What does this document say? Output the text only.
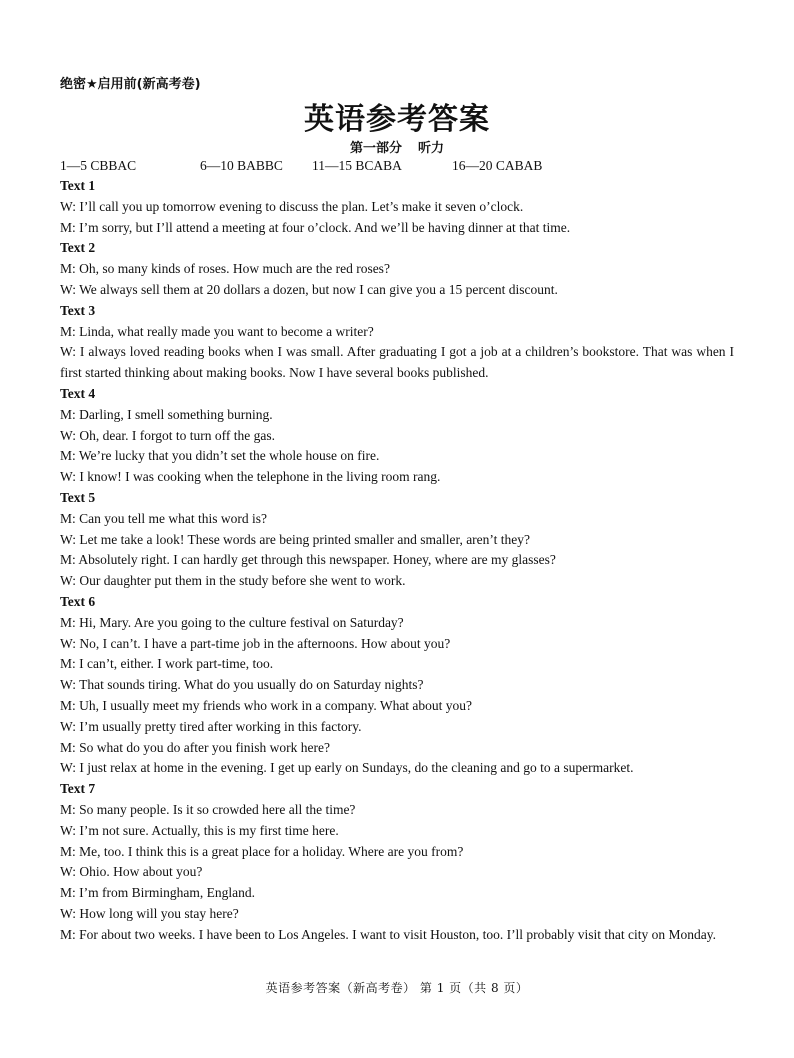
绝密★启用前(新高考卷)
英语参考答案
第一部分 听力
1—5 CBBAC	6—10 BABBC 11—15 BCABA	16—20 CABAB

Text 1

W: I’ll call you up tomorrow evening to discuss the plan. Let’s make it seven o’clock.

M: I’m sorry, but I’ll attend a meeting at four o’clock. And we’ll be having dinner at that time.

Text 2

M: Oh, so many kinds of roses. How much are the red roses?

W: We always sell them at 20 dollars a dozen, but now I can give you a 15 percent discount.

Text 3

M: Linda, what really made you want to become a writer?

W: I always loved reading books when I was small. After graduating I got a job at a children’s bookstore. That was when I first started thinking about making books. Now I have several books published.

Text 4

M: Darling, I smell something burning.

W: Oh, dear. I forgot to turn off the gas.

M: We’re lucky that you didn’t set the whole house on fire.

W: I know! I was cooking when the telephone in the living room rang.

Text 5

M: Can you tell me what this word is?

W: Let me take a look! These words are being printed smaller and smaller, aren’t they?

M: Absolutely right. I can hardly get through this newspaper. Honey, where are my glasses?

W: Our daughter put them in the study before she went to work.

Text 6

M: Hi, Mary. Are you going to the culture festival on Saturday?

W: No, I can’t. I have a part-time job in the afternoons. How about you?

M: I can’t, either. I work part-time, too.

W: That sounds tiring. What do you usually do on Saturday nights?

M: Uh, I usually meet my friends who work in a company. What about you?

W: I’m usually pretty tired after working in this factory.

M: So what do you do after you finish work here?

W: I just relax at home in the evening. I get up early on Sundays, do the cleaning and go to a supermarket.

Text 7

M: So many people. Is it so crowded here all the time?

W: I’m not sure. Actually, this is my first time here.

M: Me, too. I think this is a great place for a holiday. Where are you from?

W: Ohio. How about you?

M: I’m from Birmingham, England.

W: How long will you stay here?

M: For about two weeks. I have been to Los Angeles. I want to visit Houston, too. I’ll probably visit that city on Monday.

英语参考答案（新高考卷） 第 1 页（共 8 页）
